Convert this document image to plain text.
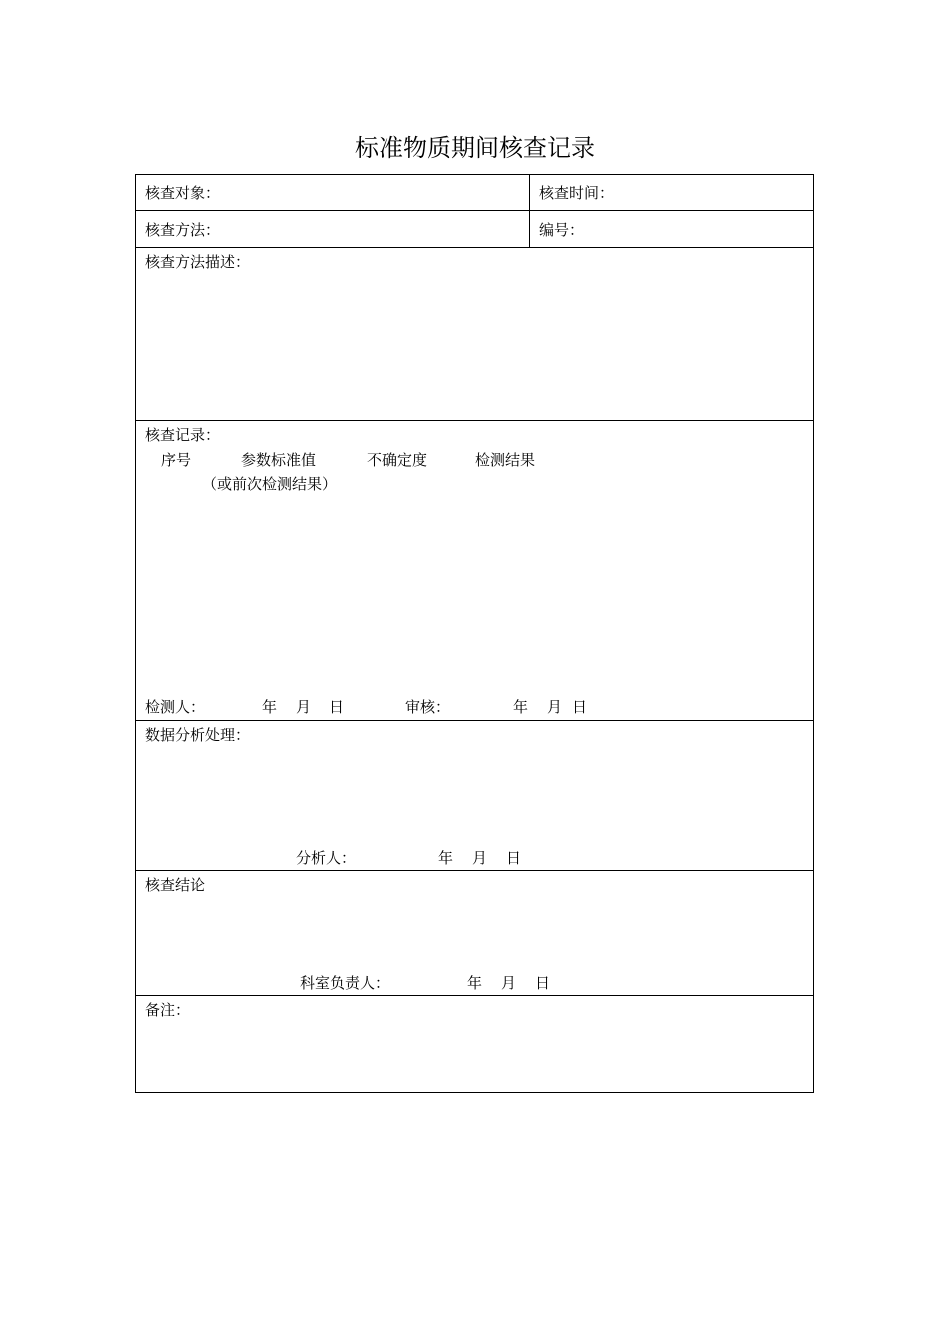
标准物质期间核查记录
核查对象：	核查时间：
核查方法：	编号：
核查方法描述：
核查记录：
序号	参数标准值	不确定度	检测结果
（或前次检测结果）
检测人：	年 月 日	审核：	年 月 日
数据分析处理：
分析人：	年 月 日
核查结论
科室负责人：	年 月 日
备注：
